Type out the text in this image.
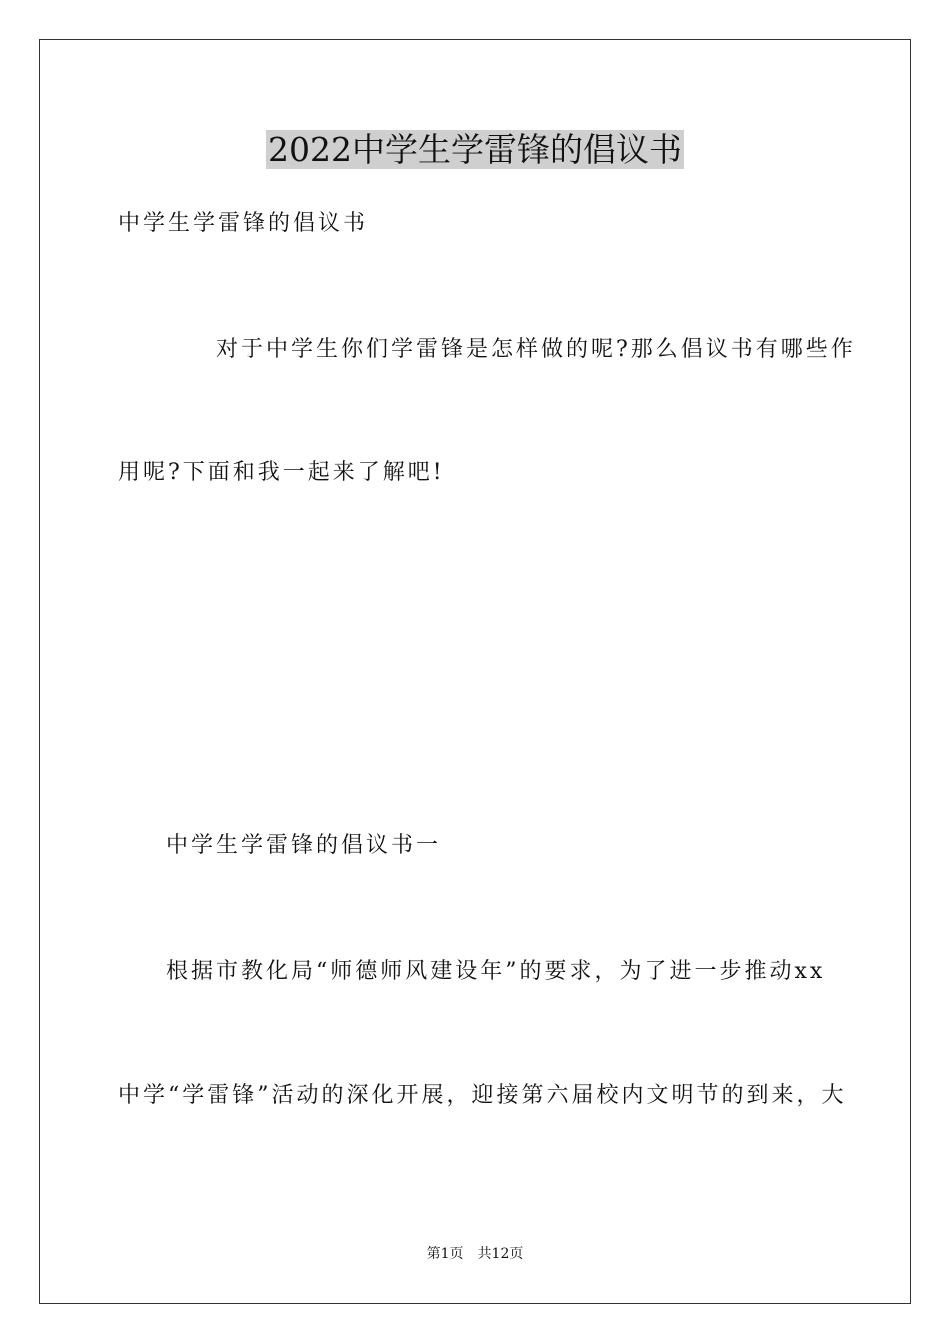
2022中学生学雷锋的倡议书
中学生学雷锋的倡议书
对于中学生你们学雷锋是怎样做的呢?那么倡议书有哪些作
用呢?下面和我一起来了解吧!
中学生学雷锋的倡议书一
根据市教化局“师德师风建设年”的要求，为了进一步推动xx
中学“学雷锋”活动的深化开展，迎接第六届校内文明节的到来，大
第1页　共12页
